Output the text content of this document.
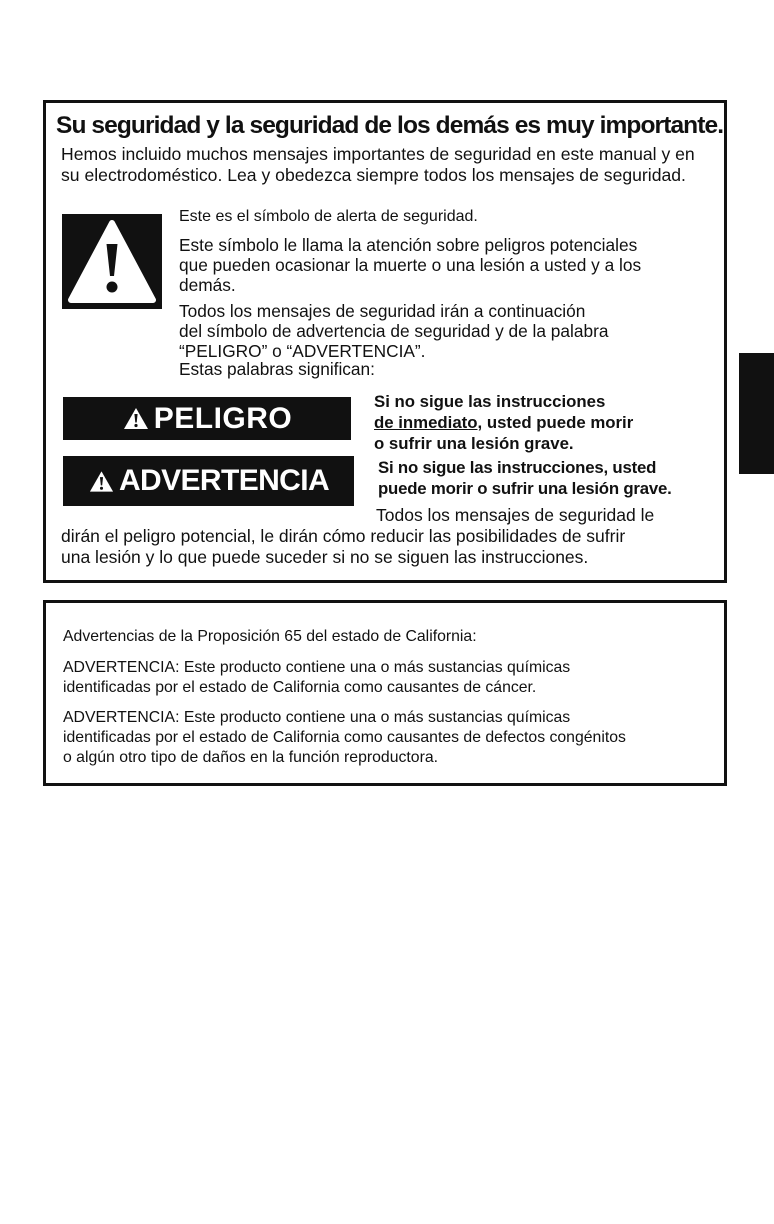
Su seguridad y la seguridad de los demás es muy importante.
Hemos incluido muchos mensajes importantes de seguridad en este manual y en su electrodoméstico. Lea y obedezca siempre todos los mensajes de seguridad.
Este es el símbolo de alerta de seguridad.
Este símbolo le llama la atención sobre peligros potenciales
que pueden ocasionar la muerte o una lesión a usted y a los
demás.
Todos los mensajes de seguridad irán a continuación
del símbolo de advertencia de seguridad y de la palabra
“PELIGRO” o “ADVERTENCIA”.
Estas palabras significan:
PELIGRO	Si no sigue las instrucciones
de inmediato, usted puede morir
o sufrir una lesión grave.
ADVERTENCIA	Si no sigue las instrucciones, usted
puede morir o sufrir una lesión grave.
Todos los mensajes de seguridad le
dirán el peligro potencial, le dirán cómo reducir las posibilidades de sufrir
una lesión y lo que puede suceder si no se siguen las instrucciones.
Advertencias de la Proposición 65 del estado de California:
ADVERTENCIA: Este producto contiene una o más sustancias químicas
identificadas por el estado de California como causantes de cáncer.
ADVERTENCIA: Este producto contiene una o más sustancias químicas
identificadas por el estado de California como causantes de defectos congénitos
o algún otro tipo de daños en la función reproductora.
